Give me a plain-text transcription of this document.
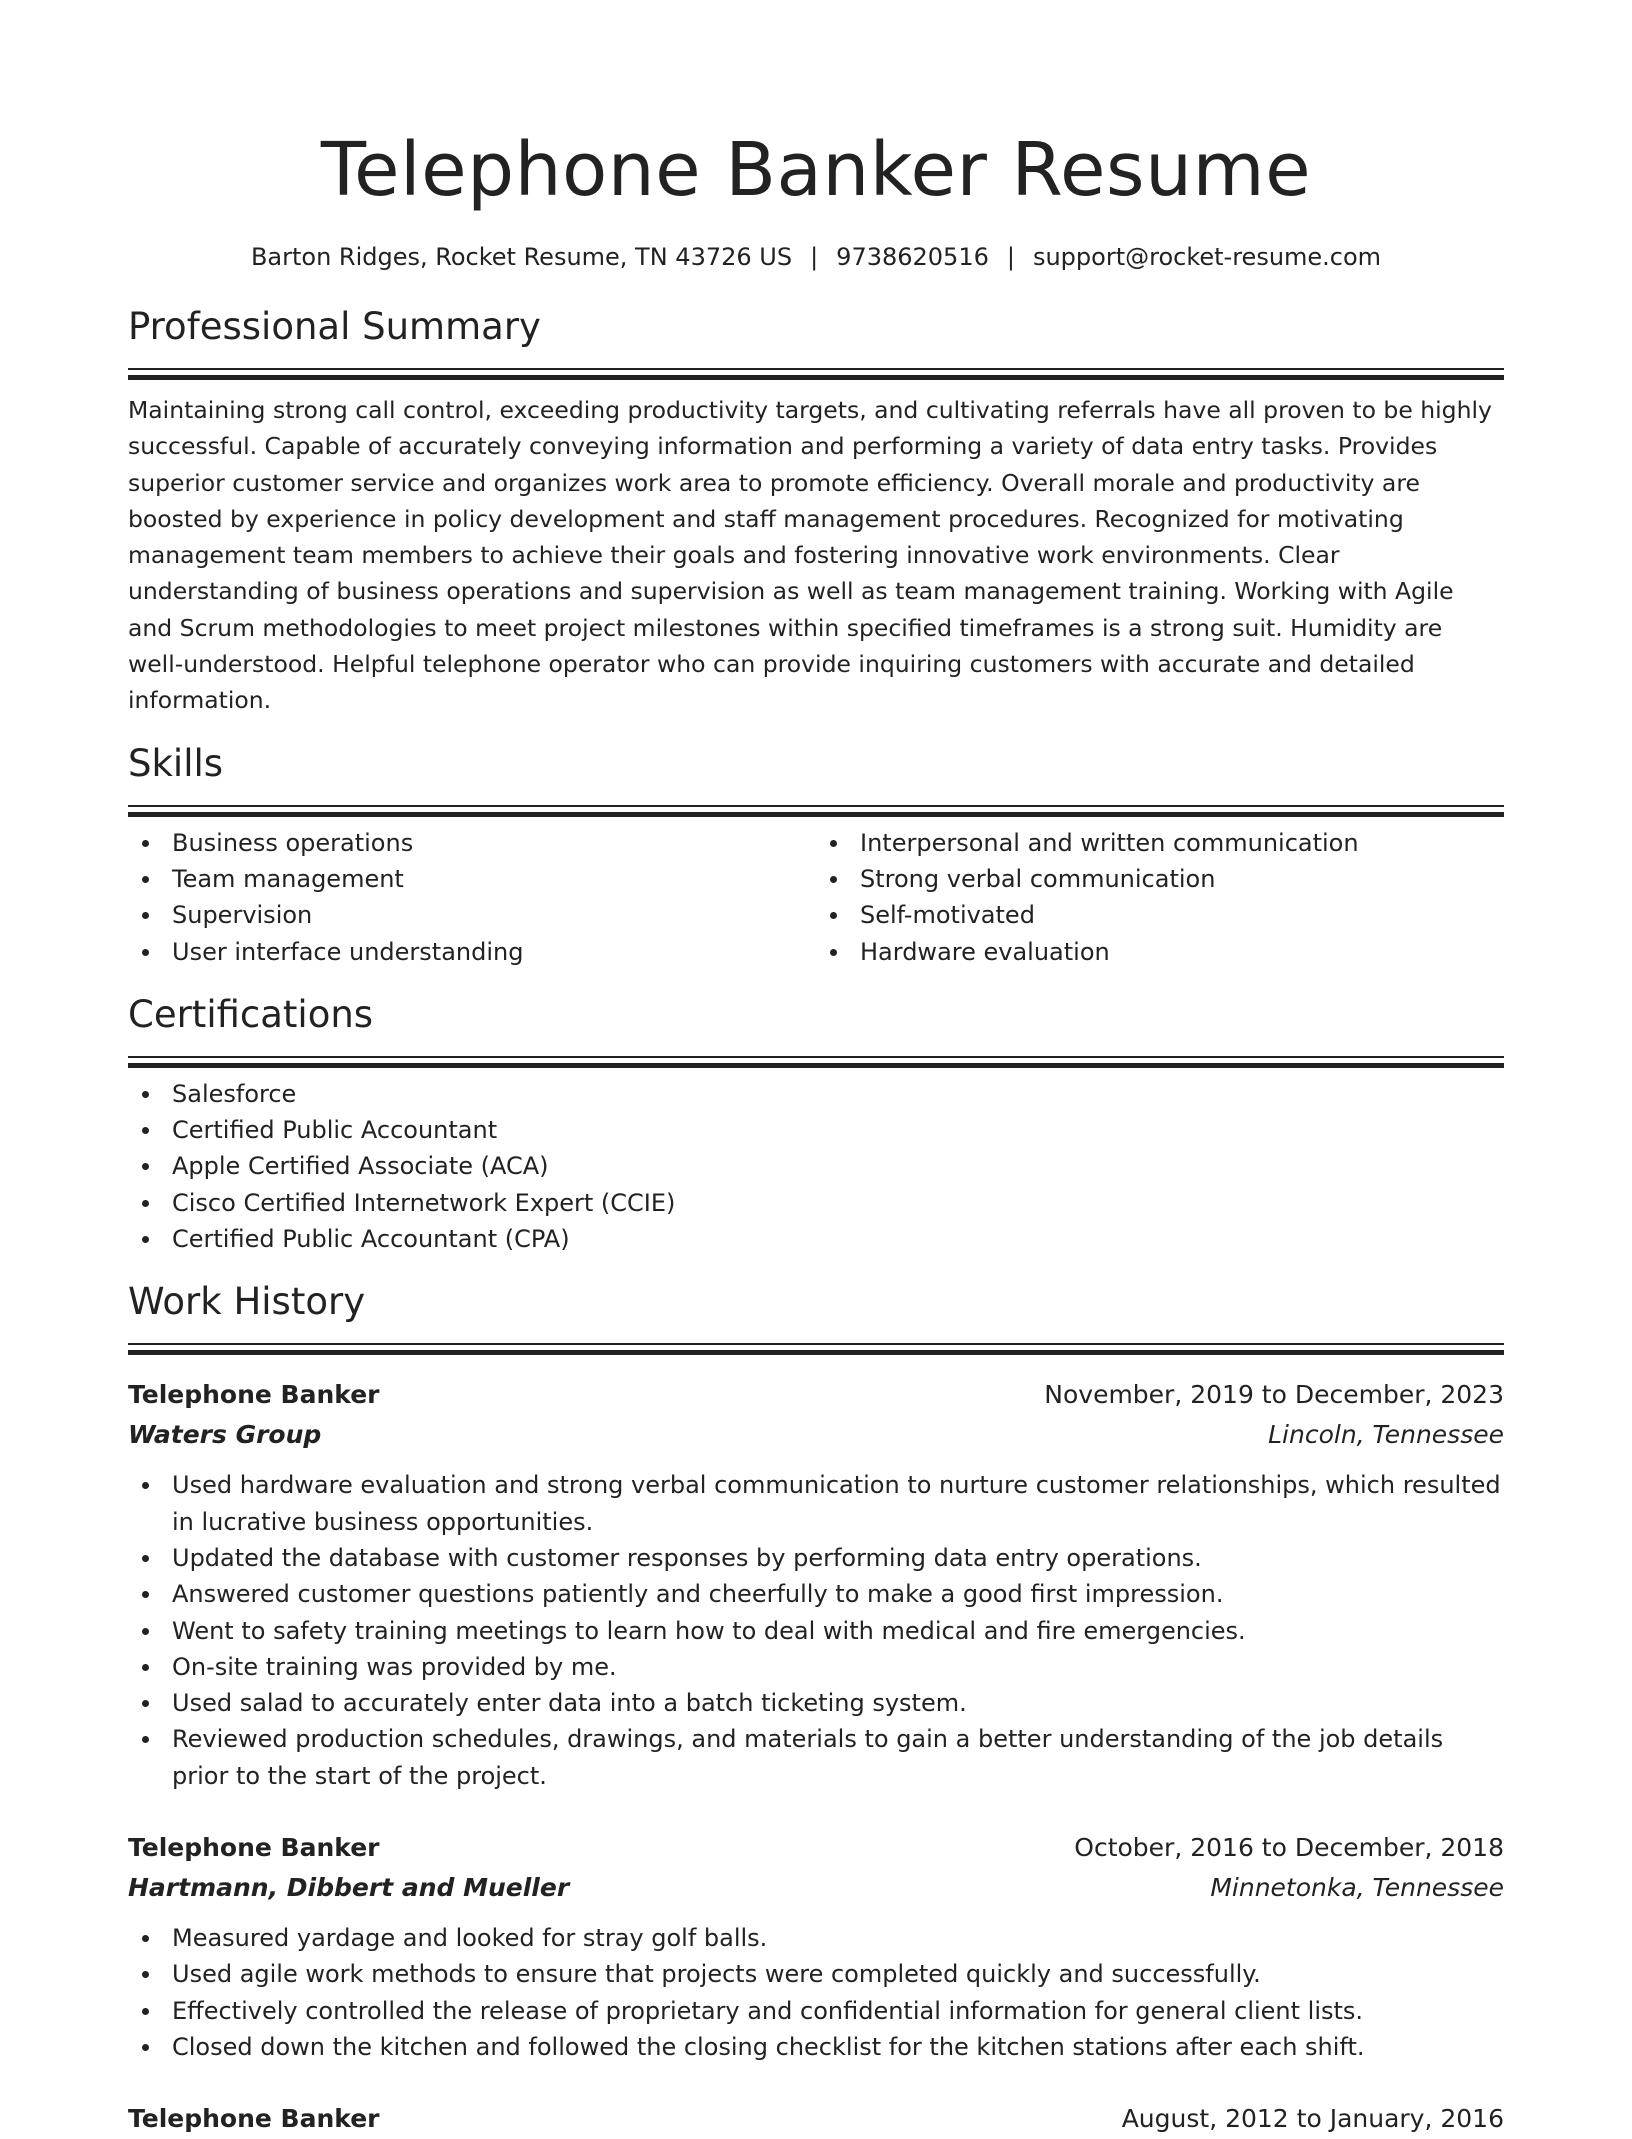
Telephone Banker Resume
Barton Ridges, Rocket Resume, TN 43726 US | 9738620516 | support@rocket-resume.com
Professional Summary

Maintaining strong call control, exceeding productivity targets, and cultivating referrals have all proven to be highly successful. Capable of accurately conveying information and performing a variety of data entry tasks. Provides superior customer service and organizes work area to promote efficiency. Overall morale and productivity are boosted by experience in policy development and staff management procedures. Recognized for motivating management team members to achieve their goals and fostering innovative work environments. Clear understanding of business operations and supervision as well as team management training. Working with Agile and Scrum methodologies to meet project milestones within specified timeframes is a strong suit. Humidity are well-understood. Helpful telephone operator who can provide inquiring customers with accurate and detailed information.

Skills
Business operations
Team management
Supervision
User interface understanding
Interpersonal and written communication
Strong verbal communication
Self-motivated
Hardware evaluation
Certifications
Salesforce
Certified Public Accountant
Apple Certified Associate (ACA)
Cisco Certified Internetwork Expert (CCIE)
Certified Public Accountant (CPA)
Work History
Telephone Banker	November, 2019 to December, 2023
Waters Group	Lincoln, Tennessee
Used hardware evaluation and strong verbal communication to nurture customer relationships, which resulted in lucrative business opportunities.
Updated the database with customer responses by performing data entry operations.
Answered customer questions patiently and cheerfully to make a good first impression.
Went to safety training meetings to learn how to deal with medical and fire emergencies.
On-site training was provided by me.
Used salad to accurately enter data into a batch ticketing system.
Reviewed production schedules, drawings, and materials to gain a better understanding of the job details prior to the start of the project.
Telephone Banker	October, 2016 to December, 2018
Hartmann, Dibbert and Mueller	Minnetonka, Tennessee
Measured yardage and looked for stray golf balls.
Used agile work methods to ensure that projects were completed quickly and successfully.
Effectively controlled the release of proprietary and confidential information for general client lists.
Closed down the kitchen and followed the closing checklist for the kitchen stations after each shift.
Telephone Banker	August, 2012 to January, 2016
